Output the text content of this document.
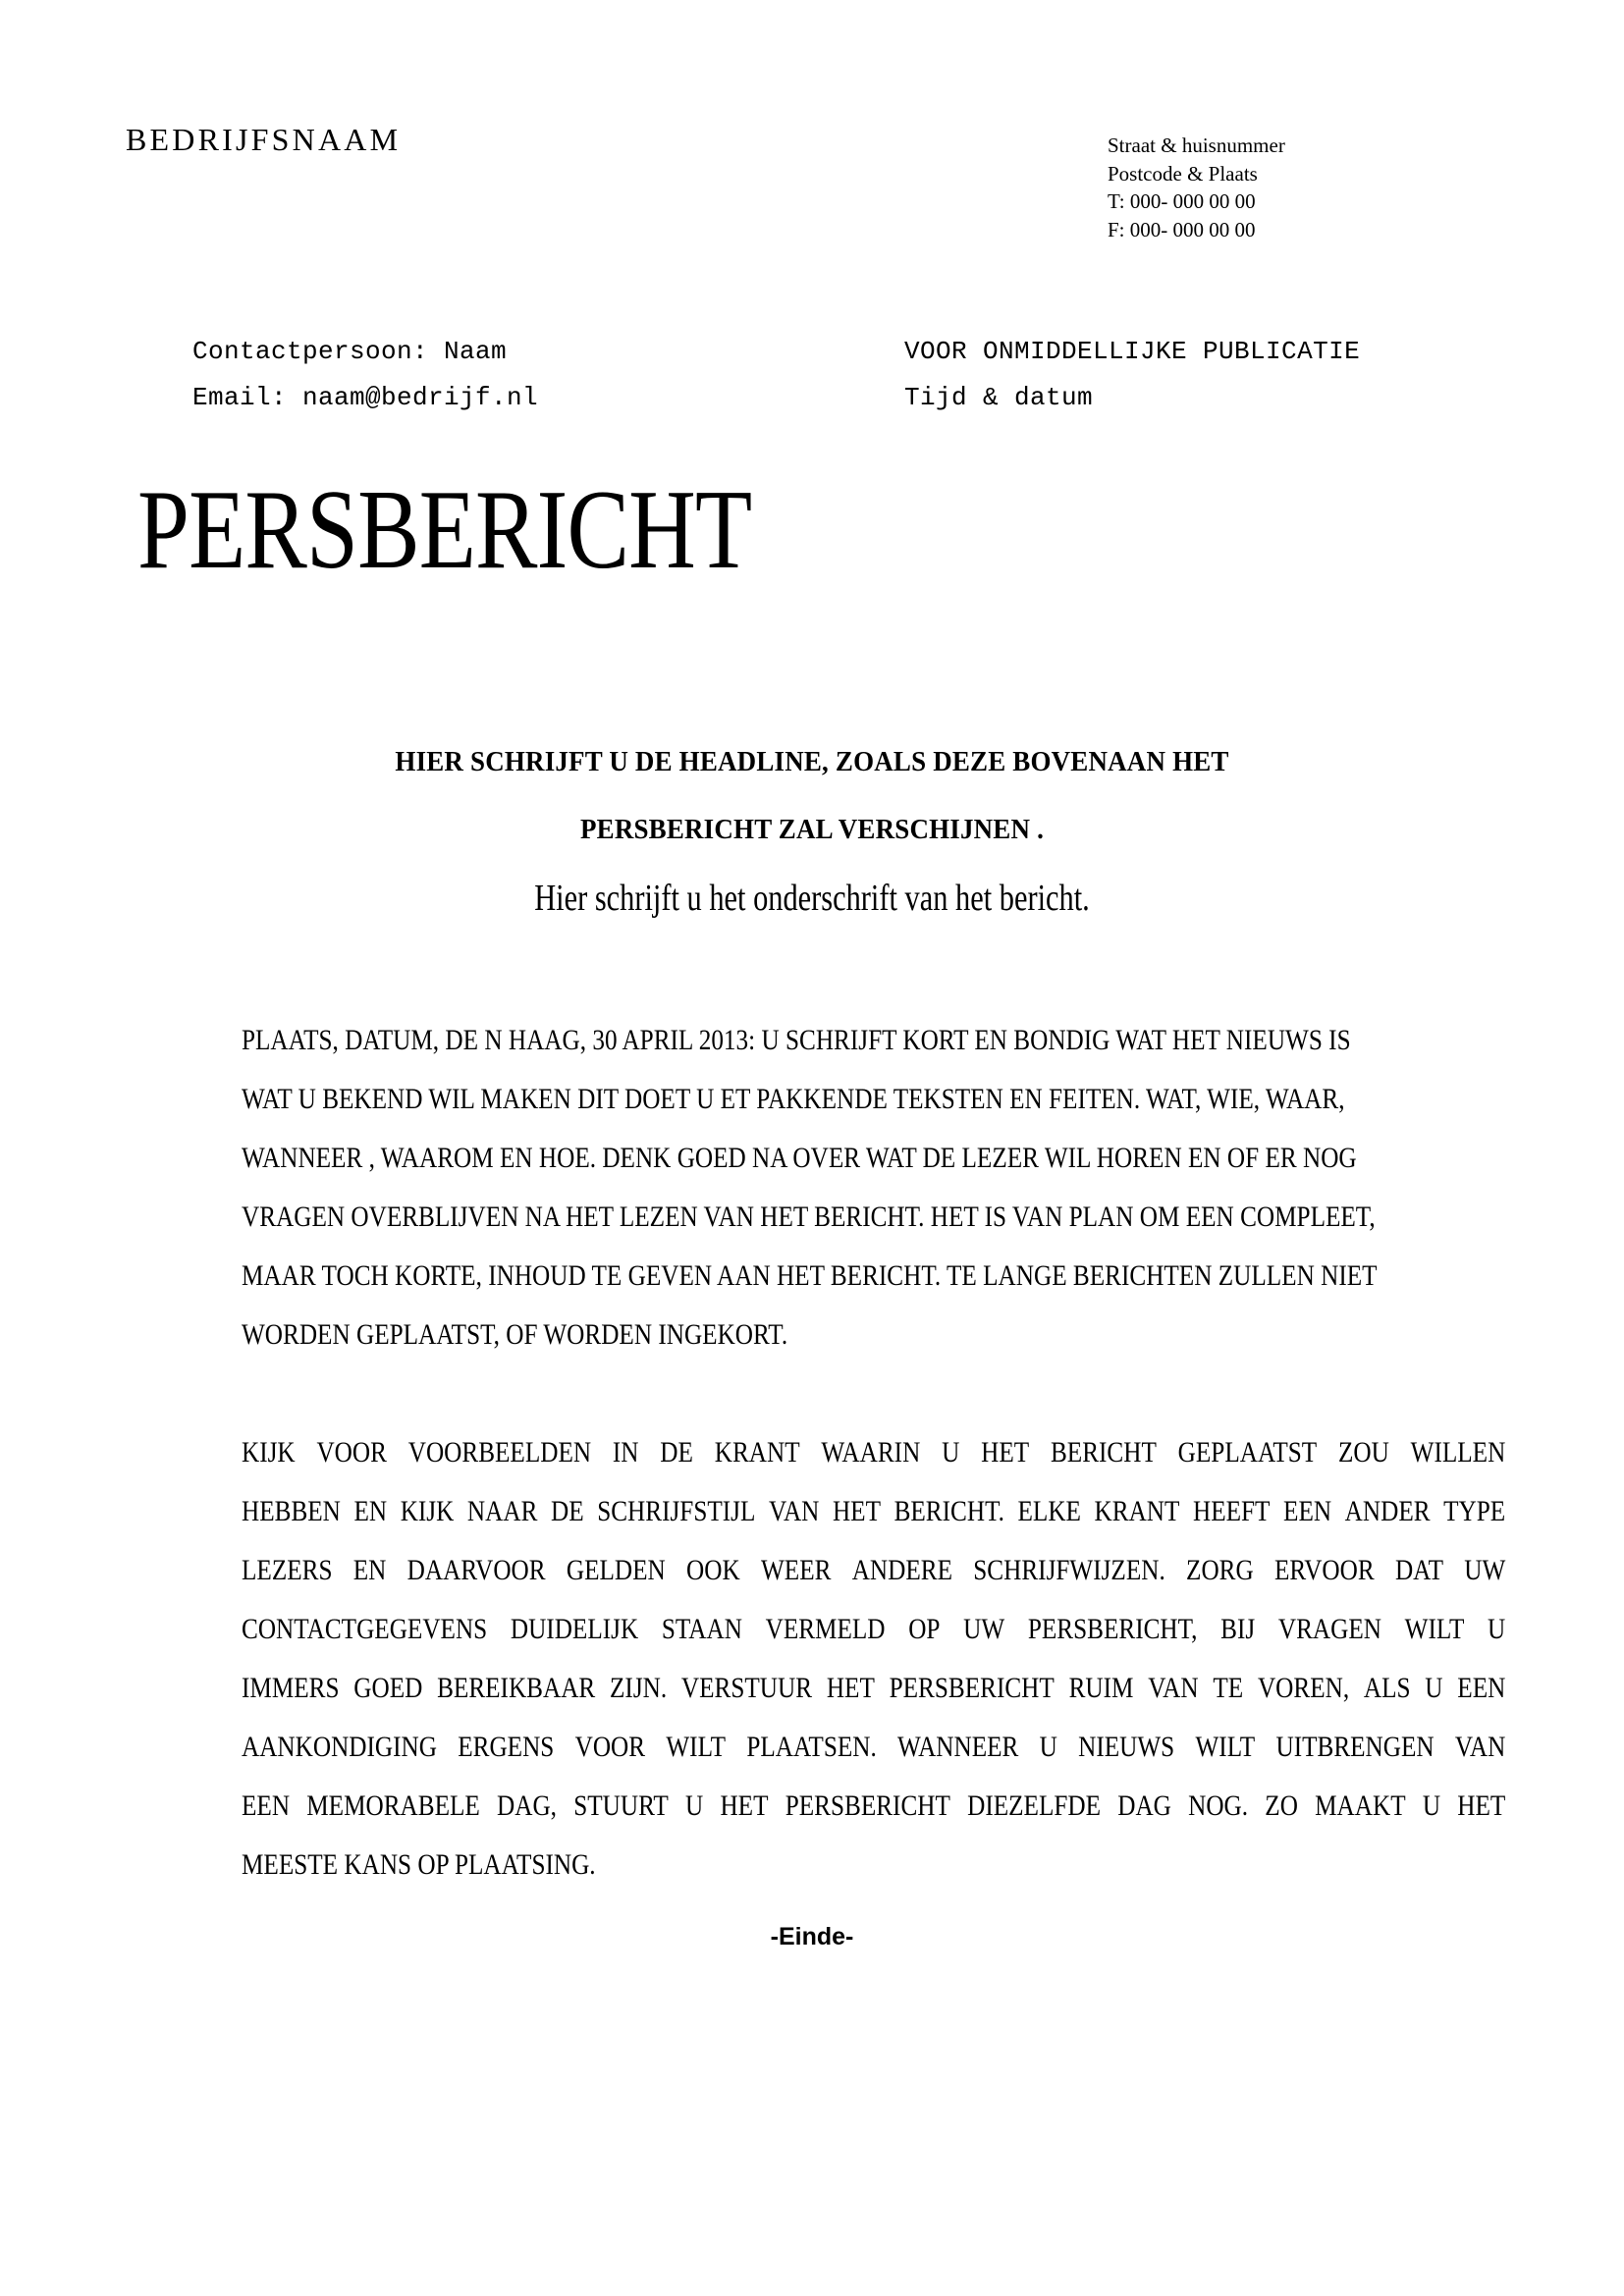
BEDRIJFSNAAM	Straat & huisnummer
Postcode & Plaats
T: 000- 000 00 00
F: 000- 000 00 00
Contactpersoon: Naam
Email: naam@bedrijf.nl
VOOR ONMIDDELLIJKE PUBLICATIE
Tijd & datum
PERSBERICHT
HIER SCHRIJFT U DE HEADLINE, ZOALS DEZE BOVENAAN HET
PERSBERICHT ZAL VERSCHIJNEN .
Hier schrijft u het onderschrift van het bericht.
PLAATS, DATUM, DE N HAAG, 30 APRIL 2013: U SCHRIJFT KORT EN BONDIG WAT HET NIEUWS IS
WAT U BEKEND WIL MAKEN DIT DOET U ET PAKKENDE TEKSTEN EN FEITEN. WAT, WIE, WAAR,
WANNEER , WAAROM EN HOE. DENK GOED NA OVER WAT DE LEZER WIL HOREN EN OF ER NOG
VRAGEN OVERBLIJVEN NA HET LEZEN VAN HET BERICHT. HET IS VAN PLAN OM EEN COMPLEET,
MAAR TOCH KORTE, INHOUD TE GEVEN AAN HET BERICHT. TE LANGE BERICHTEN ZULLEN NIET
WORDEN GEPLAATST, OF WORDEN INGEKORT.
KIJK VOOR VOORBEELDEN IN DE KRANT WAARIN U HET BERICHT GEPLAATST ZOU WILLEN
HEBBEN EN KIJK NAAR DE SCHRIJFSTIJL VAN HET BERICHT. ELKE KRANT HEEFT EEN ANDER TYPE
LEZERS EN DAARVOOR GELDEN OOK WEER ANDERE SCHRIJFWIJZEN. ZORG ERVOOR DAT UW
CONTACTGEGEVENS DUIDELIJK STAAN VERMELD OP UW PERSBERICHT, BIJ VRAGEN WILT U
IMMERS GOED BEREIKBAAR ZIJN. VERSTUUR HET PERSBERICHT RUIM VAN TE VOREN, ALS U EEN
AANKONDIGING ERGENS VOOR WILT PLAATSEN. WANNEER U NIEUWS WILT UITBRENGEN VAN
EEN MEMORABELE DAG, STUURT U HET PERSBERICHT DIEZELFDE DAG NOG. ZO MAAKT U HET
MEESTE KANS OP PLAATSING.
-Einde-
